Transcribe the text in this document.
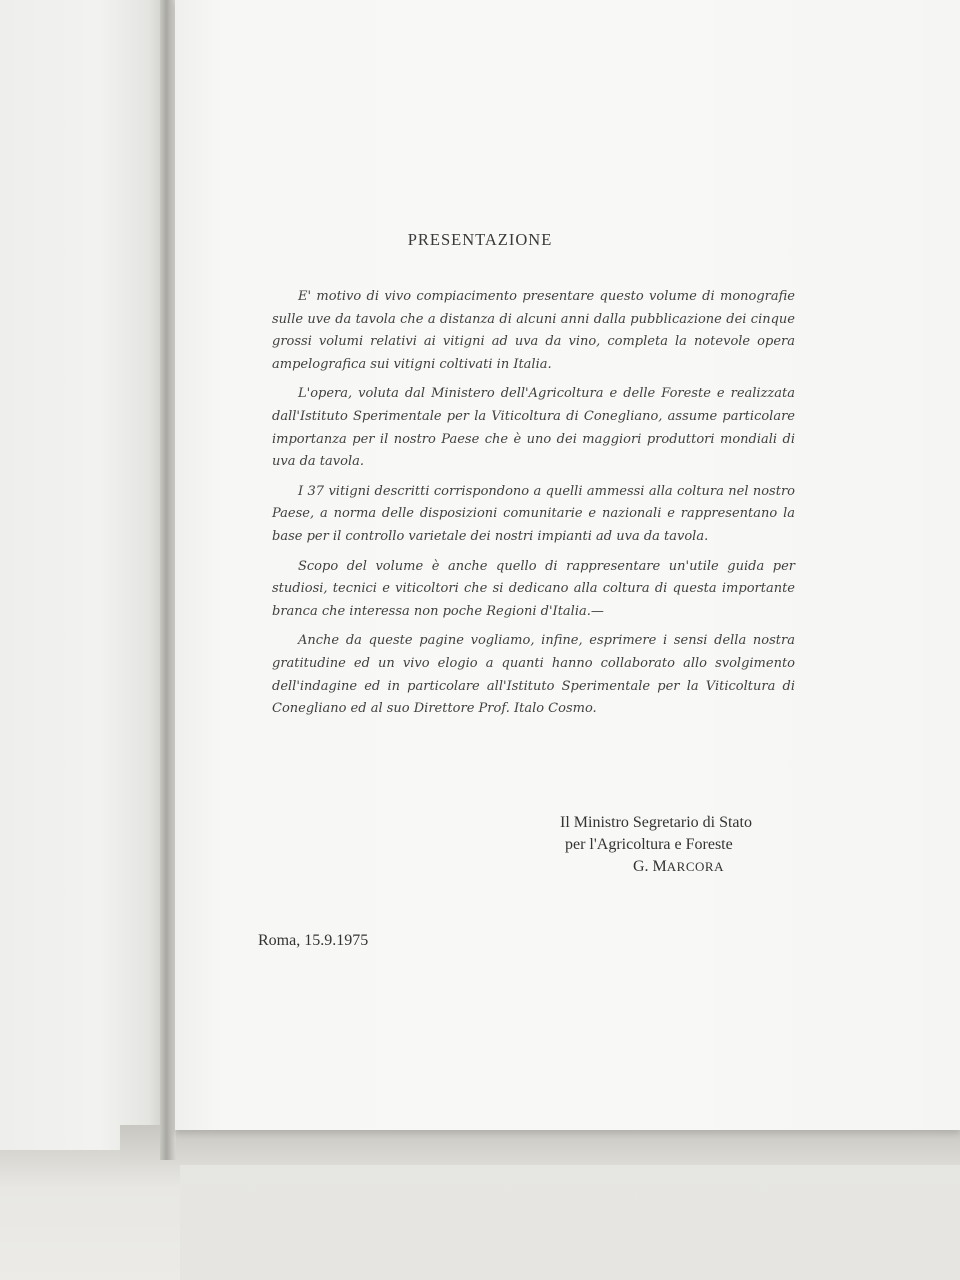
PRESENTAZIONE

E' motivo di vivo compiacimento presentare questo volume di monografie sulle uve da tavola che a distanza di alcuni anni dalla pubblicazione dei cinque grossi volumi relativi ai vitigni ad uva da vino, completa la notevole opera ampelografica sui vitigni coltivati in Italia.

L'opera, voluta dal Ministero dell'Agricoltura e delle Foreste e realizzata dall'Istituto Sperimentale per la Viticoltura di Conegliano, assume particolare importanza per il nostro Paese che è uno dei maggiori produttori mondiali di uva da tavola.

I 37 vitigni descritti corrispondono a quelli ammessi alla coltura nel nostro Paese, a norma delle disposizioni comunitarie e nazionali e rappresentano la base per il controllo varietale dei nostri impianti ad uva da tavola.

Scopo del volume è anche quello di rappresentare un'utile guida per studiosi, tecnici e viticoltori che si dedicano alla coltura di questa importante branca che interessa non poche Regioni d'Italia.—

Anche da queste pagine vogliamo, infine, esprimere i sensi della nostra gratitudine ed un vivo elogio a quanti hanno collaborato allo svolgimento dell'indagine ed in particolare all'Istituto Sperimentale per la Viticoltura di Conegliano ed al suo Direttore Prof. Italo Cosmo.

Il Ministro Segretario di Stato
per l'Agricoltura e Foreste
G. MARCORA
Roma, 15.9.1975
